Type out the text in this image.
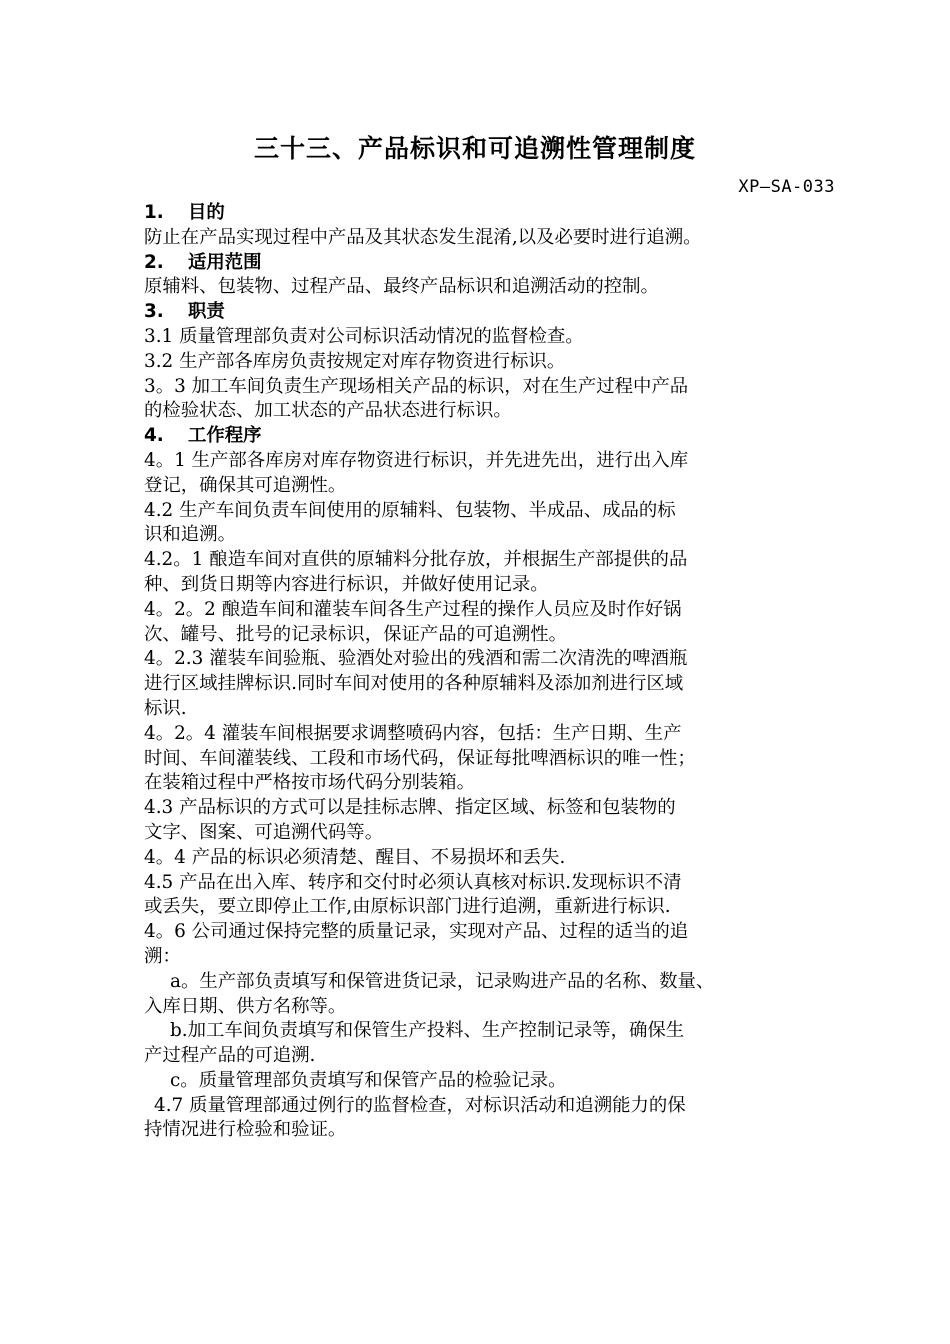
三十三、产品标识和可追溯性管理制度
XP—SA-033

1. 目的

防止在产品实现过程中产品及其状态发生混淆,以及必要时进行追溯。

2. 适用范围

原辅料、包装物、过程产品、最终产品标识和追溯活动的控制。

3. 职责

3.1 质量管理部负责对公司标识活动情况的监督检查。

3.2 生产部各库房负责按规定对库存物资进行标识。

3。3 加工车间负责生产现场相关产品的标识，对在生产过程中产品

的检验状态、加工状态的产品状态进行标识。

4. 工作程序

4。1 生产部各库房对库存物资进行标识，并先进先出，进行出入库

登记，确保其可追溯性。

4.2 生产车间负责车间使用的原辅料、包装物、半成品、成品的标

识和追溯。

4.2。1 酿造车间对直供的原辅料分批存放，并根据生产部提供的品

种、到货日期等内容进行标识，并做好使用记录。

4。2。2 酿造车间和灌装车间各生产过程的操作人员应及时作好锅

次、罐号、批号的记录标识，保证产品的可追溯性。

4。2.3 灌装车间验瓶、验酒处对验出的残酒和需二次清洗的啤酒瓶

进行区域挂牌标识.同时车间对使用的各种原辅料及添加剂进行区域

标识.

4。2。4 灌装车间根据要求调整喷码内容，包括：生产日期、生产

时间、车间灌装线、工段和市场代码，保证每批啤酒标识的唯一性；

在装箱过程中严格按市场代码分别装箱。

4.3 产品标识的方式可以是挂标志牌、指定区域、标签和包装物的

文字、图案、可追溯代码等。

4。4 产品的标识必须清楚、醒目、不易损坏和丢失.

4.5 产品在出入库、转序和交付时必须认真核对标识.发现标识不清

或丢失，要立即停止工作,由原标识部门进行追溯，重新进行标识.

4。6 公司通过保持完整的质量记录，实现对产品、过程的适当的追

溯：

a。生产部负责填写和保管进货记录，记录购进产品的名称、数量、

入库日期、供方名称等。

b.加工车间负责填写和保管生产投料、生产控制记录等，确保生

产过程产品的可追溯.

c。质量管理部负责填写和保管产品的检验记录。

4.7 质量管理部通过例行的监督检查，对标识活动和追溯能力的保

持情况进行检验和验证。
